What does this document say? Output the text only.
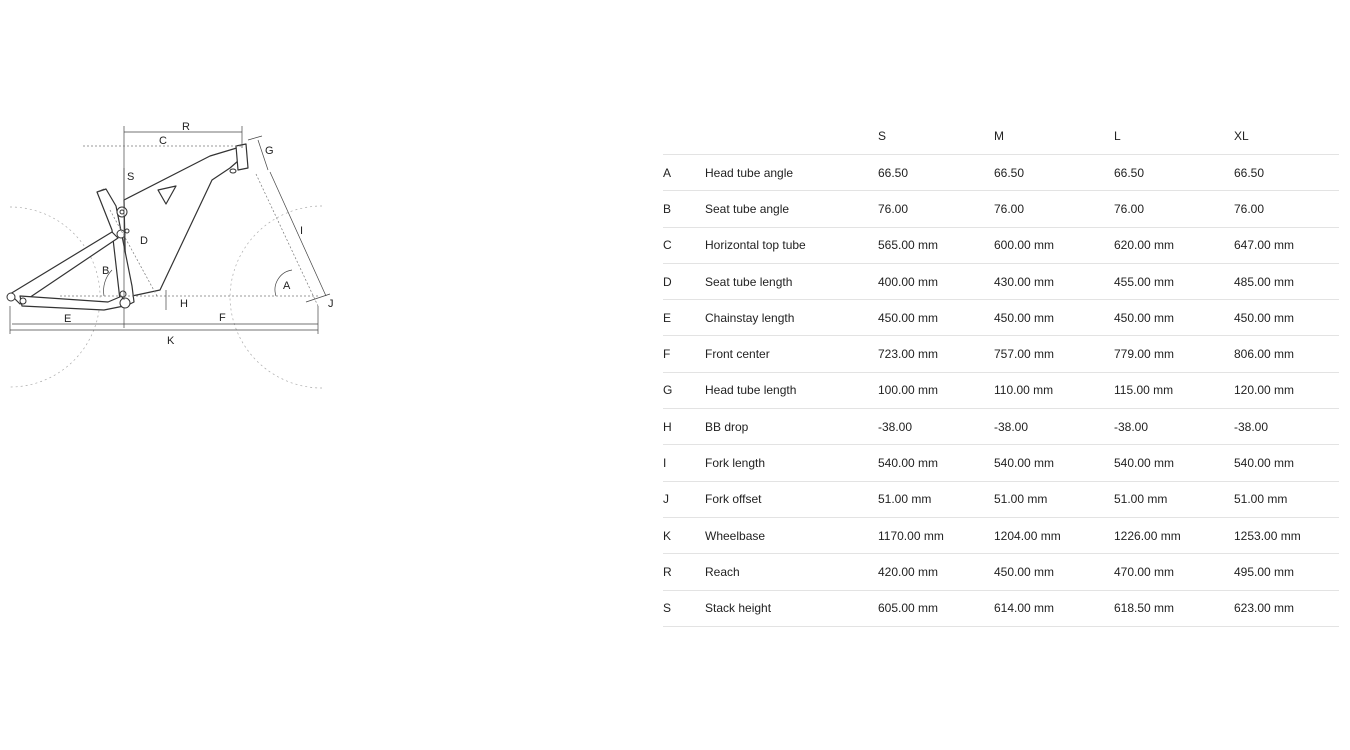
R
C
G
S
I
D
B
A
H	J
E	F
K
		S	M	L	XL
A	Head tube angle	66.50	66.50	66.50	66.50
B	Seat tube angle	76.00	76.00	76.00	76.00
C	Horizontal top tube	565.00 mm	600.00 mm	620.00 mm	647.00 mm
D	Seat tube length	400.00 mm	430.00 mm	455.00 mm	485.00 mm
E	Chainstay length	450.00 mm	450.00 mm	450.00 mm	450.00 mm
F	Front center	723.00 mm	757.00 mm	779.00 mm	806.00 mm
G	Head tube length	100.00 mm	110.00 mm	115.00 mm	120.00 mm
H	BB drop	-38.00	-38.00	-38.00	-38.00
I	Fork length	540.00 mm	540.00 mm	540.00 mm	540.00 mm
J	Fork offset	51.00 mm	51.00 mm	51.00 mm	51.00 mm
K	Wheelbase	1170.00 mm	1204.00 mm	1226.00 mm	1253.00 mm
R	Reach	420.00 mm	450.00 mm	470.00 mm	495.00 mm
S	Stack height	605.00 mm	614.00 mm	618.50 mm	623.00 mm
